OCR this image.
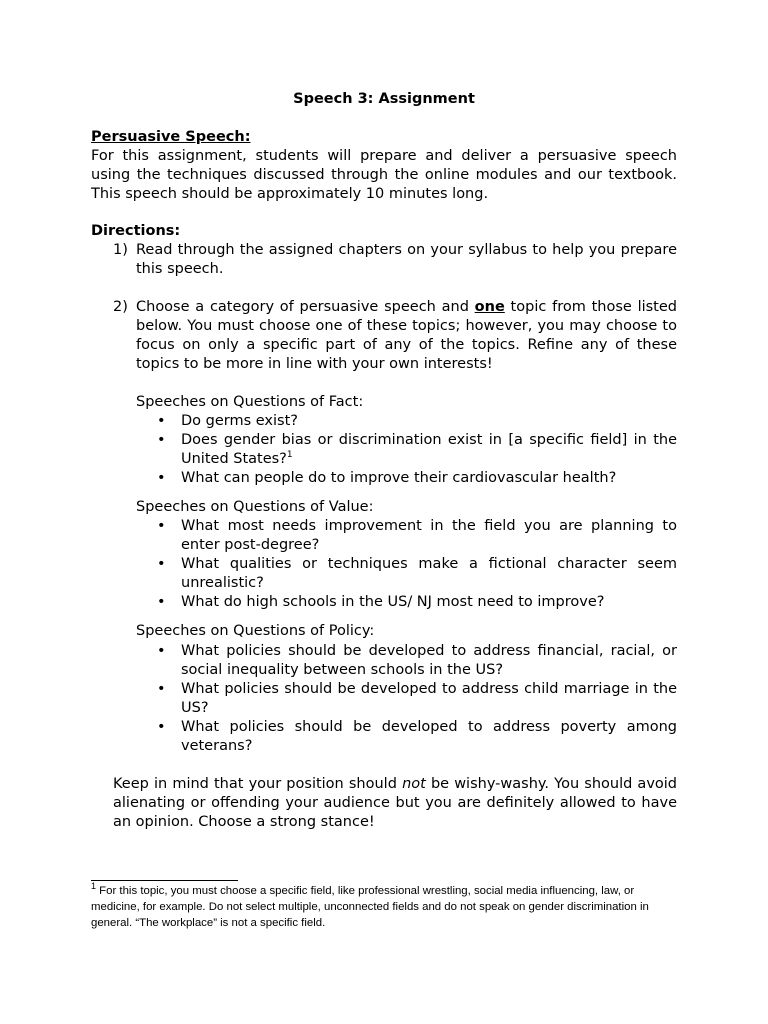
Speech 3: Assignment
Persuasive Speech:
For this assignment, students will prepare and deliver a persuasive speech using the techniques discussed through the online modules and our textbook. This speech should be approximately 10 minutes long.
Directions:
1) Read through the assigned chapters on your syllabus to help you prepare this speech.
2) Choose a category of persuasive speech and one topic from those listed below. You must choose one of these topics; however, you may choose to focus on only a specific part of any of the topics. Refine any of these topics to be more in line with your own interests!
Speeches on Questions of Fact:
• Do germs exist?
• Does gender bias or discrimination exist in [a specific field] in the United States?$^1$
• What can people do to improve their cardiovascular health?
Speeches on Questions of Value:
• What most needs improvement in the field you are planning to enter post-degree?
• What qualities or techniques make a fictional character seem unrealistic?
• What do high schools in the US/ NJ most need to improve?
Speeches on Questions of Policy:
• What policies should be developed to address financial, racial, or social inequality between schools in the US?
• What policies should be developed to address child marriage in the US?
• What policies should be developed to address poverty among veterans?
Keep in mind that your position should not be wishy-washy. You should avoid alienating or offending your audience but you are definitely allowed to have an opinion. Choose a strong stance!
$^1$ For this topic, you must choose a specific field, like professional wrestling, social media influencing, law, or medicine, for example. Do not select multiple, unconnected fields and do not speak on gender discrimination in general. “The workplace” is not a specific field.
